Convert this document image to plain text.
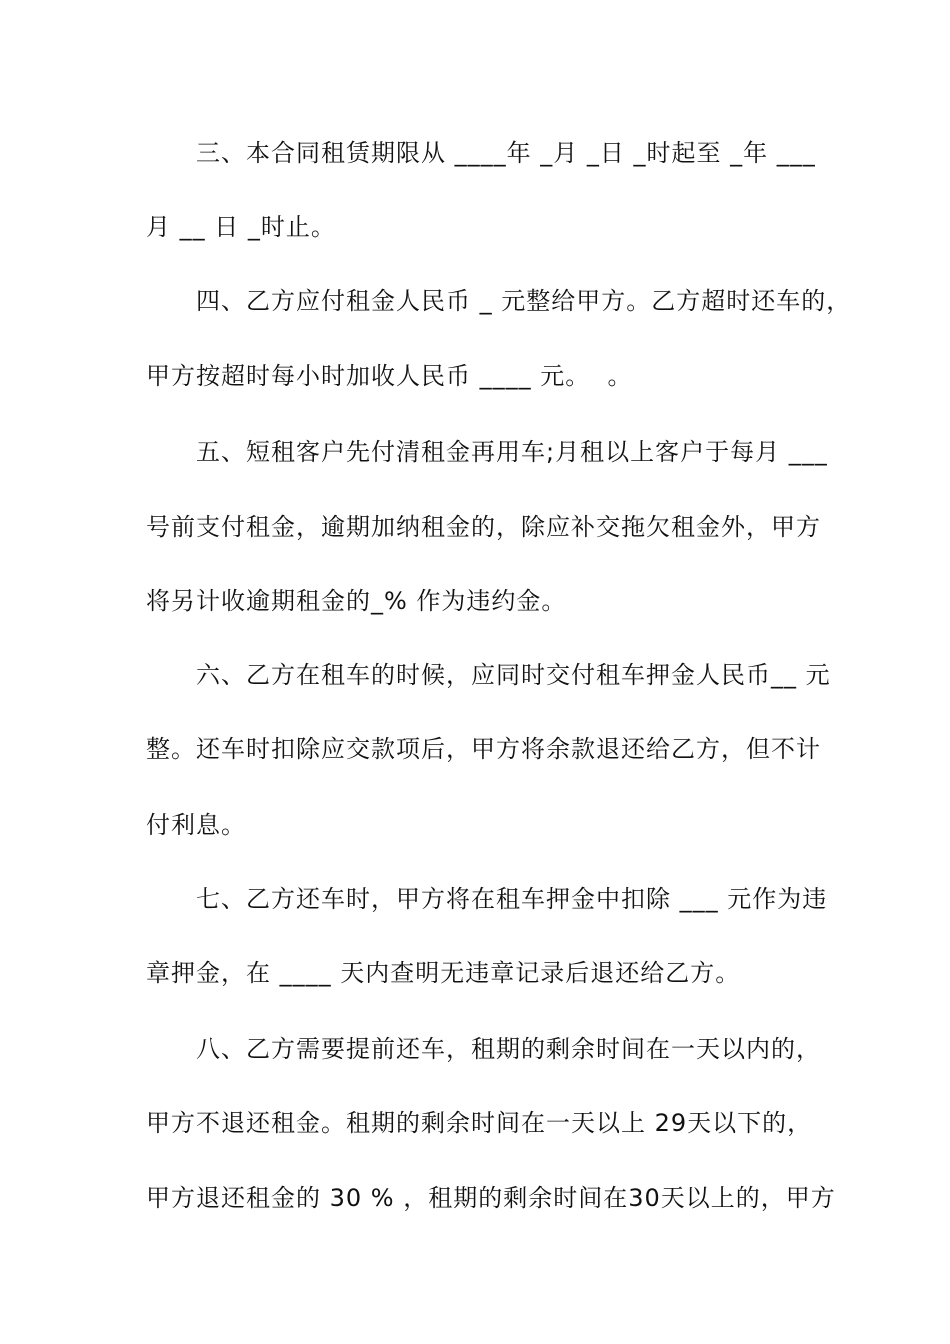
三、本合同租赁期限从 ____年 _月 _日 _时起至 _年 ___
月 __ 日 _时止。
四、乙方应付租金人民币 _ 元整给甲方。乙方超时还车的，
甲方按超时每小时加收人民币 ____ 元。  。
五、短租客户先付清租金再用车;月租以上客户于每月 ___
号前支付租金，逾期加纳租金的，除应补交拖欠租金外，甲方
将另计收逾期租金的_% 作为违约金。
六、乙方在租车的时候，应同时交付租车押金人民币__ 元
整。还车时扣除应交款项后，甲方将余款退还给乙方，但不计
付利息。
七、乙方还车时，甲方将在租车押金中扣除 ___ 元作为违
章押金，在 ____ 天内查明无违章记录后退还给乙方。
八、乙方需要提前还车，租期的剩余时间在一天以内的，
甲方不退还租金。租期的剩余时间在一天以上 29天以下的，
甲方退还租金的 30 % ，租期的剩余时间在30天以上的，甲方
